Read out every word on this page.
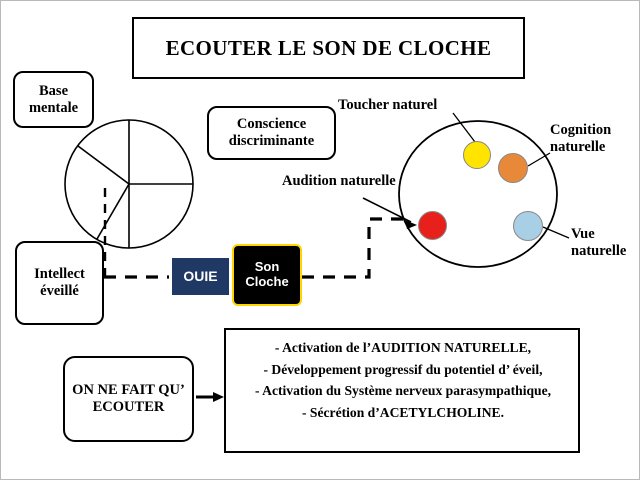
ECOUTER LE SON DE CLOCHE
Base mentale
Conscience discriminante
Intellect éveillé
Toucher naturel
Cognition naturelle
Vue naturelle
Audition naturelle
OUIE
Son Cloche
ON NE FAIT QU’ ECOUTER
- Activation de l’AUDITION NATURELLE,
- Développement progressif du potentiel d’ éveil,
- Activation du Système nerveux parasympathique,
- Sécrétion d’ACETYLCHOLINE.
